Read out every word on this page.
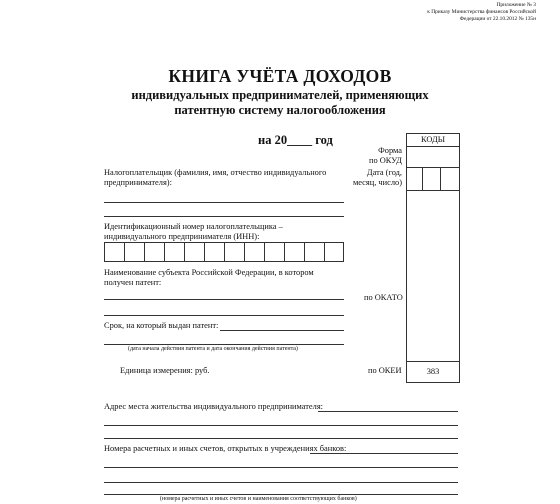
Приложение № 3
к Приказу Министерства финансов Российской
Федерации от 22.10.2012 № 135н
КНИГА УЧЁТА ДОХОДОВ
индивидуальных предпринимателей, применяющих
патентную систему налогообложения
на 20____ год	КОДЫ
383
Форма
по ОКУД
Дата (год,
месяц, число)
Налогоплательщик (фамилия, имя, отчество индивидуального
предпринимателя):
Идентификационный номер налогоплательщика –
индивидуального предпринимателя (ИНН):
Наименование субъекта Российской Федерации, в котором
получен патент:
по ОКАТО
Срок, на который выдан патент:
(дата начала действия патента и дата окончания действия патента)
Единица измерения: руб.	по ОКЕИ
Адрес места жительства индивидуального предпринимателя:
Номера расчетных и иных счетов, открытых в учреждениях банков:
(номера расчетных и иных счетов и наименования соответствующих банков)
